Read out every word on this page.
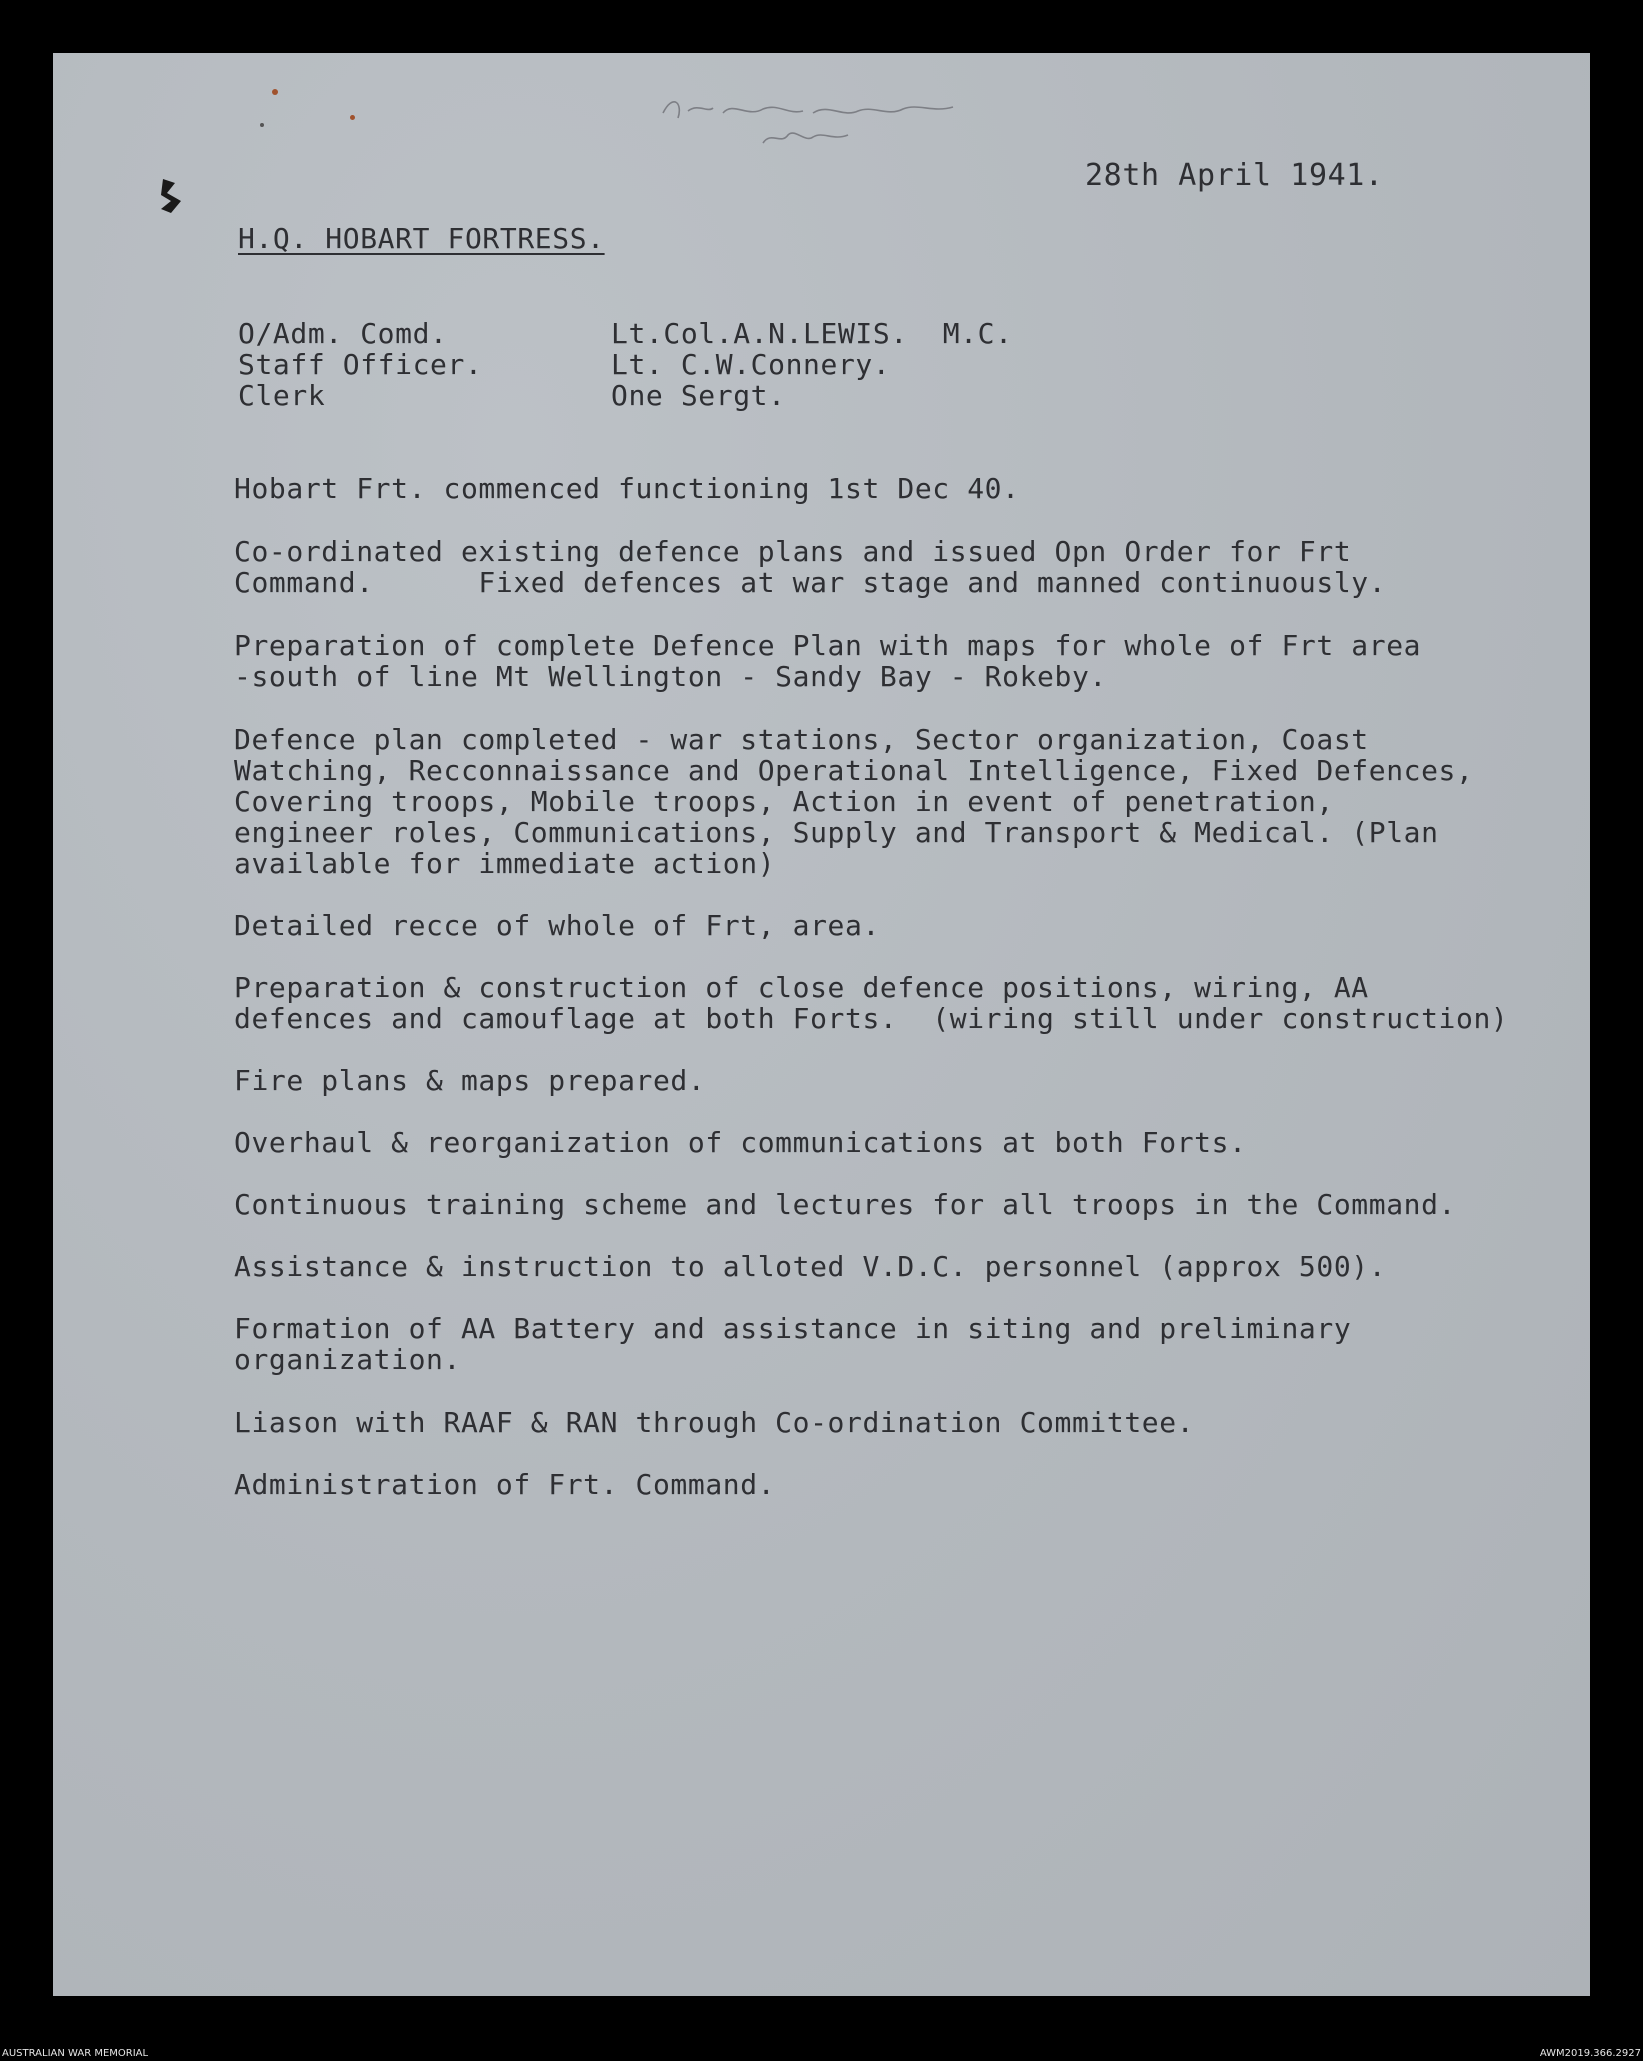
28th April 1941.

H.Q. HOBART FORTRESS.

O/Adm. Comd.
Staff Officer.
Clerk

Lt.Col.A.N.LEWIS.  M.C.
Lt. C.W.Connery.
One Sergt.

Hobart Frt. commenced functioning 1st Dec 40.

Co-ordinated existing defence plans and issued Opn Order for Frt
Command.      Fixed defences at war stage and manned continuously.

Preparation of complete Defence Plan with maps for whole of Frt area
-south of line Mt Wellington - Sandy Bay - Rokeby.

Defence plan completed - war stations, Sector organization, Coast
Watching, Recconnaissance and Operational Intelligence, Fixed Defences,
Covering troops, Mobile troops, Action in event of penetration,
engineer roles, Communications, Supply and Transport & Medical. (Plan
available for immediate action)

Detailed recce of whole of Frt, area.

Preparation & construction of close defence positions, wiring, AA
defences and camouflage at both Forts.  (wiring still under construction)

Fire plans & maps prepared.

Overhaul & reorganization of communications at both Forts.

Continuous training scheme and lectures for all troops in the Command.

Assistance & instruction to alloted V.D.C. personnel (approx 500).

Formation of AA Battery and assistance in siting and preliminary
organization.

Liason with RAAF & RAN through Co-ordination Committee.

Administration of Frt. Command.

AUSTRALIAN WAR MEMORIAL	AWM2019.366.2927
